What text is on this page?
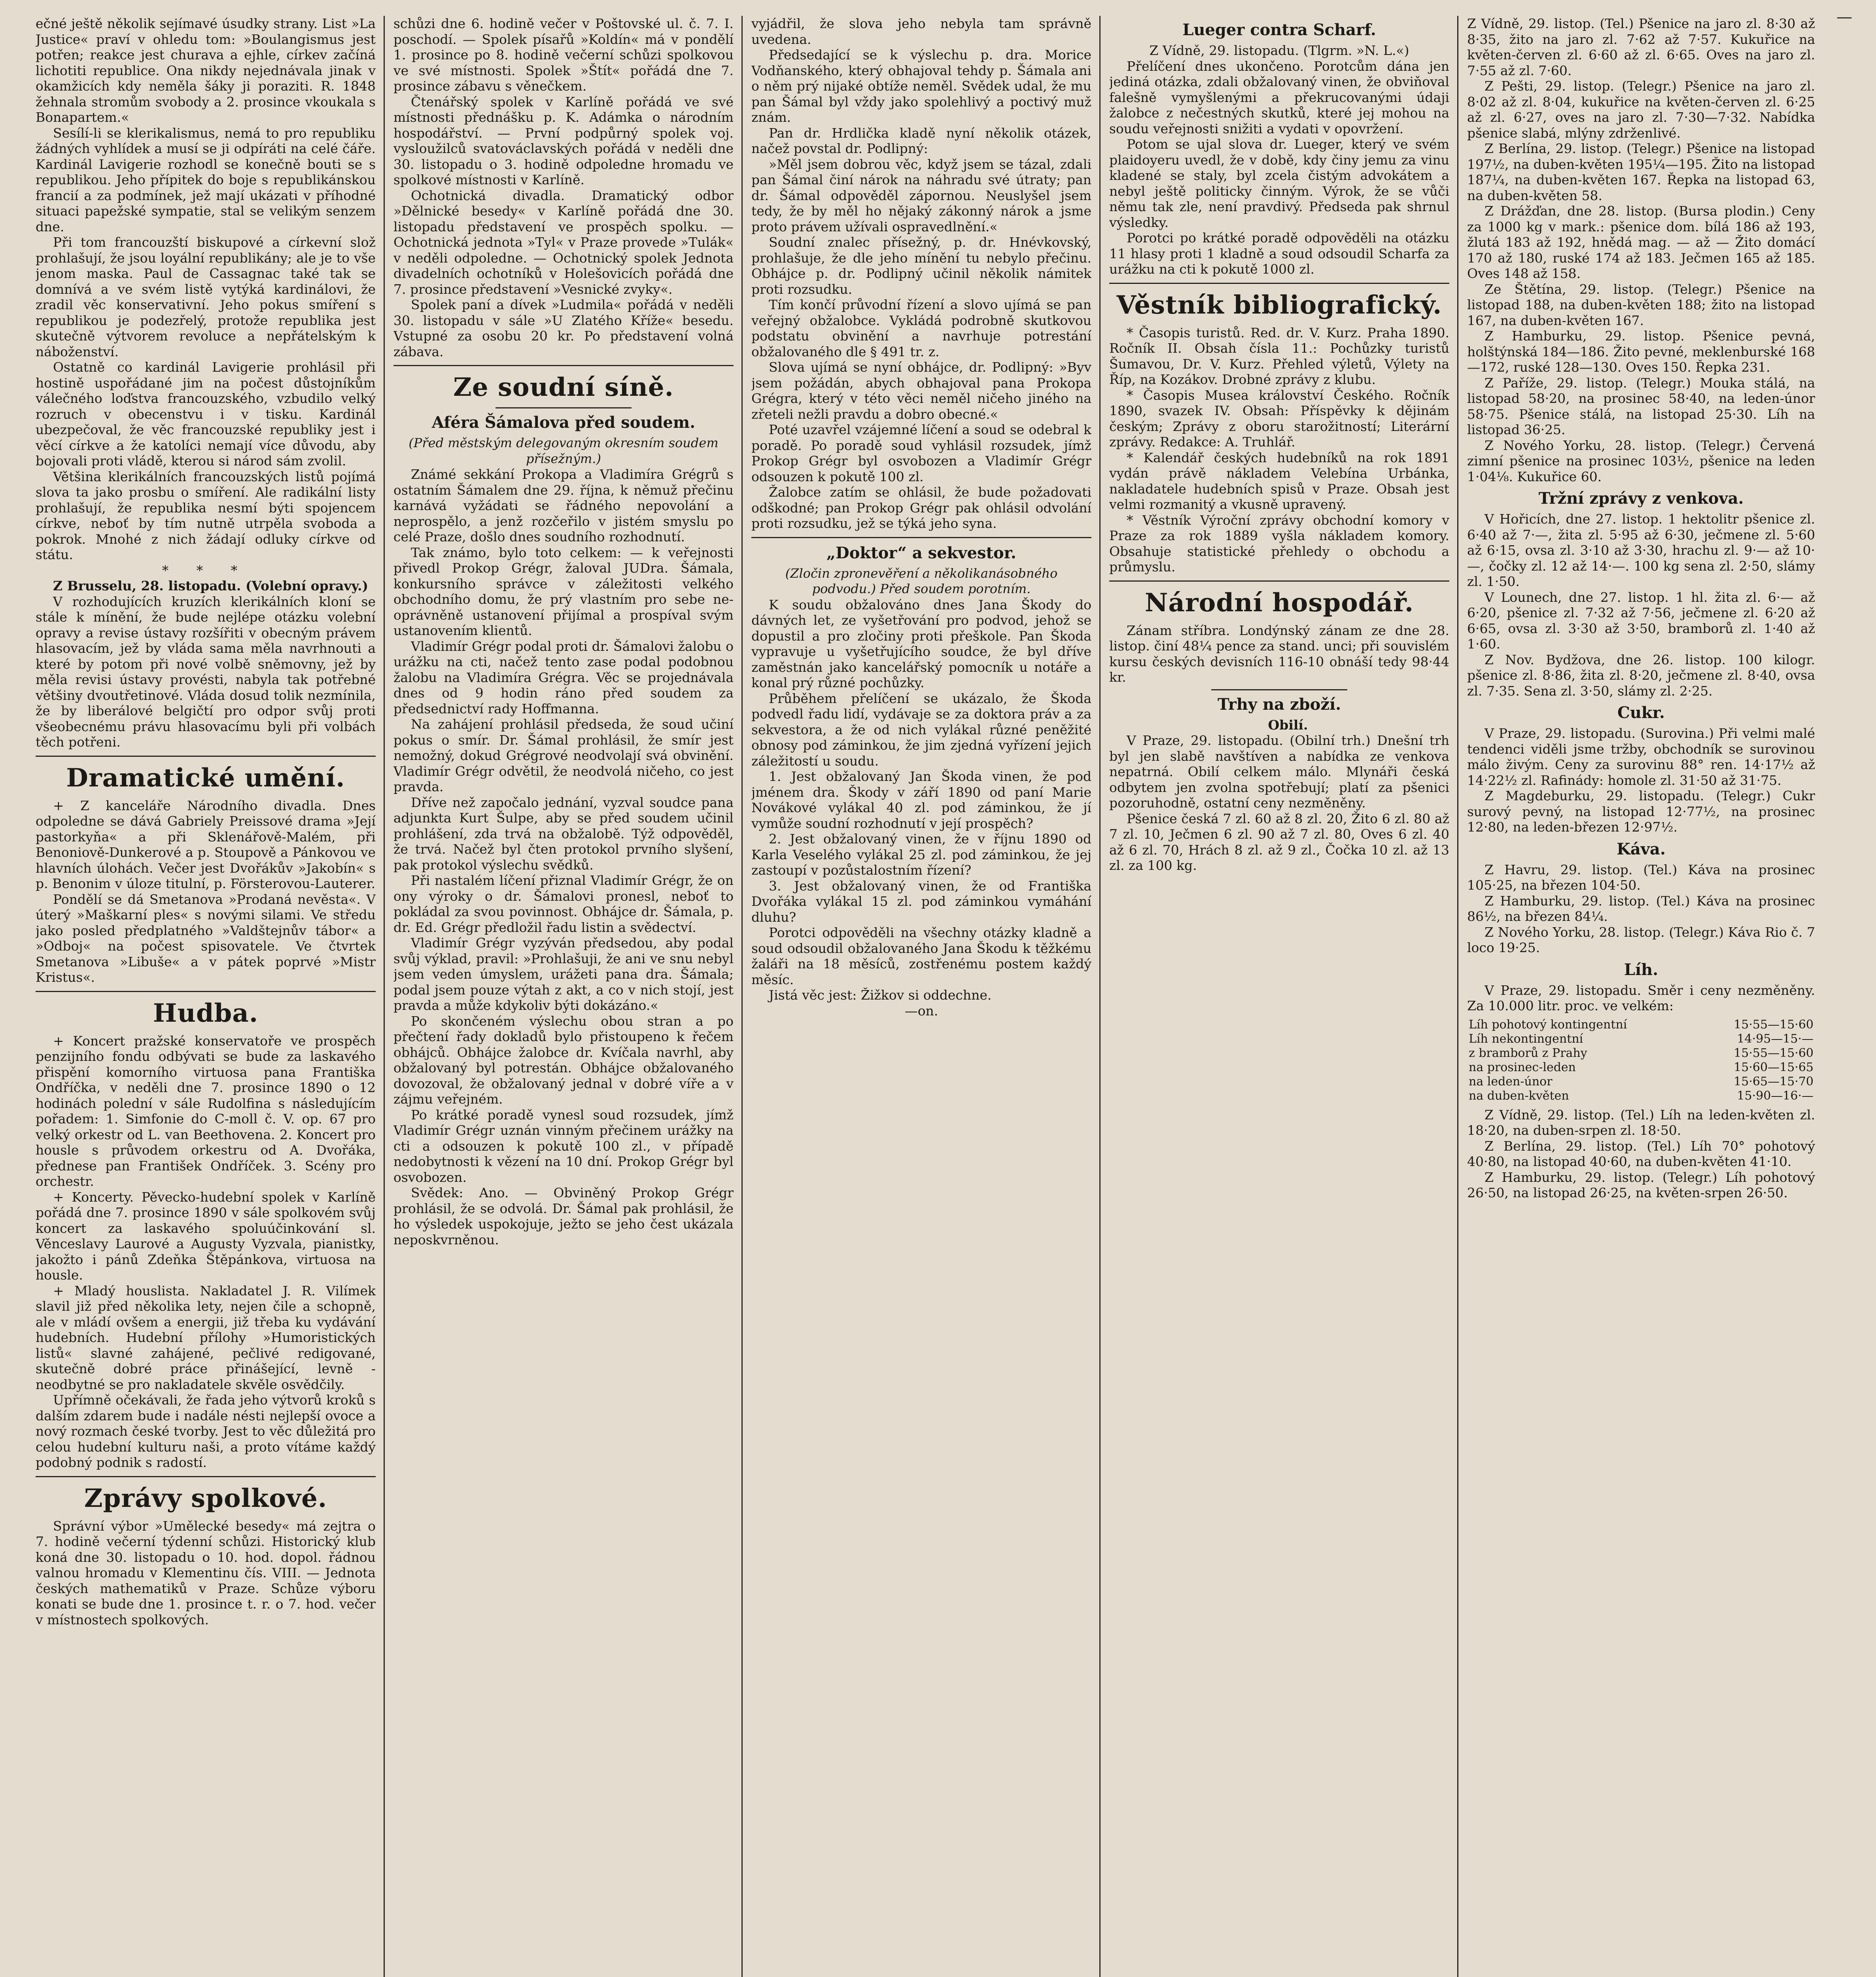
—

ečné ještě několik sejímavé úsudky strany. List »La Justice« praví v ohledu tom: »Boulangismus jest potřen; reakce jest churava a ejhle, církev začíná lichotiti republice. Ona nikdy nejednávala jinak v okamžicích kdy neměla šáky ji poraziti. R. 1848 žehnala stromům svobody a 2. prosince vkoukala s Bonapartem.«

Sesílí-li se klerikalismus, nemá to pro republiku žádných vyhlídek a musí se ji odpíráti na celé čáře. Kardinál Lavigerie rozhodl se konečně bouti se s republikou. Jeho přípitek do boje s republikánskou francií a za podmínek, jež mají ukázati v příhodné situaci papežské sympatie, stal se velikým senzem dne.

Při tom francouzští biskupové a církevní slož prohlašují, že jsou loyální republikány; ale je to vše jenom maska. Paul de Cassagnac také tak se domnívá a ve svém listě vytýká kardinálovi, že zradil věc konservativní. Jeho pokus smíření s republikou je podezřelý, protože republika jest skutečně výtvorem revoluce a nepřátelským k náboženství.

Ostatně co kardinál Lavigerie prohlásil při hostině uspořádané jim na počest důstojníkům válečného loďstva francouzského, vzbudilo velký rozruch v obecenstvu i v tisku. Kardinál ubezpečoval, že věc francouzské republiky jest i věcí církve a že katolíci nemají více důvodu, aby bojovali proti vládě, kterou si národ sám zvolil.

Většina klerikálních francouzských listů pojímá slova ta jako prosbu o smíření. Ale radikální listy prohlašují, že republika nesmí býti spojencem církve, neboť by tím nutně utrpěla svoboda a pokrok. Mnohé z nich žádají odluky církve od státu.

* * *

Z Brusselu, 28. listopadu. (Volební opravy.)

V rozhodujících kruzích klerikálních kloní se stále k mínění, že bude nejlépe otázku volební opravy a revise ústavy rozšířiti v obecným právem hlasovacím, jež by vláda sama měla navrhnouti a které by potom při nové volbě sněmovny, jež by měla revisi ústavy provésti, nabyla tak potřebné většiny dvoutřetinové. Vláda dosud tolik nezmínila, že by liberálové belgičtí pro odpor svůj proti všeobecnému právu hlasovacímu byli při volbách těch potřeni.

Dramatické umění.

+ Z kanceláře Národního divadla. Dnes odpoledne se dává Gabriely Preissové drama »Její pastorkyňa« a při Sklenářově-Malém, při Benoniově-Dunkerové a p. Stoupově a Pánkovou ve hlavních úlohách. Večer jest Dvořákův »Jakobín« s p. Benonim v úloze titulní, p. Försterovou-Lauterer.

Pondělí se dá Smetanova »Prodaná nevěsta«. V úterý »Maškarní ples« s novými silami. Ve středu jako posled předplatného »Valdštejnův tábor« a »Odboj« na počest spisovatele. Ve čtvrtek Smetanova »Libuše« a v pátek poprvé »Mistr Kristus«.

Hudba.

+ Koncert pražské konservatoře ve prospěch penzijního fondu odbývati se bude za laskavého přispění komorního virtuosa pana Františka Ondříčka, v neděli dne 7. prosince 1890 o 12 hodinách polední v sále Rudolfina s následujícím pořadem: 1. Simfonie do C-moll č. V. op. 67 pro velký orkestr od L. van Beethovena. 2. Koncert pro housle s průvodem orkestru od A. Dvořáka, přednese pan František Ondříček. 3. Scény pro orchestr.

+ Koncerty. Pěvecko-hudební spolek v Karlíně pořádá dne 7. prosince 1890 v sále spolkovém svůj koncert za laskavého spoluúčinkování sl. Věnceslavy Laurové a Augusty Vyzvala, pianistky, jakožto i pánů Zdeňka Štěpánkova, virtuosa na housle.

+ Mladý houslista. Nakladatel J. R. Vilímek slavil již před několika lety, nejen čile a schopně, ale v mládí ovšem a energii, již třeba ku vydávání hudebních. Hudební přílohy »Humoristických listů« slavné zahájené, pečlivé redigované, skutečně dobré práce přinášející, levně - neodbytné se pro nakladatele skvěle osvědčily.

Upřímně očekávali, že řada jeho výtvorů kroků s dalším zdarem bude i nadále nésti nejlepší ovoce a nový rozmach české tvorby. Jest to věc důležitá pro celou hudební kulturu naši, a proto vítáme každý podobný podnik s radostí.

Zprávy spolkové.

Správní výbor »Umělecké besedy« má zejtra o 7. hodině večerní týdenní schůzi. Historický klub koná dne 30. listopadu o 10. hod. dopol. řádnou valnou hromadu v Klementinu čís. VIII. — Jednota českých mathematiků v Praze. Schůze výboru konati se bude dne 1. prosince t. r. o 7. hod. večer v místnostech spolkových.

schůzi dne 6. hodině večer v Poštovské ul. č. 7. I. poschodí. — Spolek písařů »Koldín« má v pondělí 1. prosince po 8. hodině večerní schůzi spolkovou ve své místnosti. Spolek »Štít« pořádá dne 7. prosince zábavu s věnečkem.

Čtenářský spolek v Karlíně pořádá ve své místnosti přednášku p. K. Adámka o národním hospodářství. — První podpůrný spolek voj. vysloužilců svatováclavských pořádá v neděli dne 30. listopadu o 3. hodině odpoledne hromadu ve spolkové místnosti v Karlíně.

Ochotnická divadla. Dramatický odbor »Dělnické besedy« v Karlíně pořádá dne 30. listopadu představení ve prospěch spolku. — Ochotnická jednota »Tyl« v Praze provede »Tulák« v neděli odpoledne. — Ochotnický spolek Jednota divadelních ochotníků v Holešovicích pořádá dne 7. prosince představení »Vesnické zvyky«.

Spolek paní a dívek »Ludmila« pořádá v neděli 30. listopadu v sále »U Zlatého Kříže« besedu. Vstupné za osobu 20 kr. Po představení volná zábava.

Ze soudní síně.
Aféra Šámalova před soudem.
(Před městským delegovaným okresním soudem přísežným.)

Známé sekkání Prokopa a Vladimíra Grégrů s ostatním Šámalem dne 29. října, k němuž přečinu karnává vyžádati se řádného nepovolání a neprospělo, a jenž rozčeřilo v jistém smyslu po celé Praze, došlo dnes soudního rozhodnutí.

Tak známo, bylo toto celkem: — k veřejnosti přivedl Prokop Grégr, žaloval JUDra. Šámala, konkursního správce v záležitosti velkého obchodního domu, že prý vlastním pro sebe neoprávněně ustanovení přijímal a prospíval svým ustanovením klientů.

Vladimír Grégr podal proti dr. Šámalovi žalobu o urážku na cti, načež tento zase podal podobnou žalobu na Vladimíra Grégra. Věc se projednávala dnes od 9 hodin ráno před soudem za předsednictví rady Hoffmanna.

Na zahájení prohlásil předseda, že soud učiní pokus o smír. Dr. Šámal prohlásil, že smír jest nemožný, dokud Grégrové neodvolají svá obvinění. Vladimír Grégr odvětil, že neodvolá ničeho, co jest pravda.

Dříve než započalo jednání, vyzval soudce pana adjunkta Kurt Šulpe, aby se před soudem učinil prohlášení, zda trvá na obžalobě. Týž odpověděl, že trvá. Načež byl čten protokol prvního slyšení, pak protokol výslechu svědků.

Při nastalém líčení přiznal Vladimír Grégr, že on ony výroky o dr. Šámalovi pronesl, neboť to pokládal za svou povinnost. Obhájce dr. Šámala, p. dr. Ed. Grégr předložil řadu listin a svědectví.

Vladimír Grégr vyzýván předsedou, aby podal svůj výklad, pravil: »Prohlašuji, že ani ve snu nebyl jsem veden úmyslem, urážeti pana dra. Šámala; podal jsem pouze výtah z akt, a co v nich stojí, jest pravda a může kdykoliv býti dokázáno.«

Po skončeném výslechu obou stran a po přečtení řady dokladů bylo přistoupeno k řečem obhájců. Obhájce žalobce dr. Kvíčala navrhl, aby obžalovaný byl potrestán. Obhájce obžalovaného dovozoval, že obžalovaný jednal v dobré víře a v zájmu veřejném.

Po krátké poradě vynesl soud rozsudek, jímž Vladimír Grégr uznán vinným přečinem urážky na cti a odsouzen k pokutě 100 zl., v případě nedobytnosti k vězení na 10 dní. Prokop Grégr byl osvobozen.

Svědek: Ano. — Obviněný Prokop Grégr prohlásil, že se odvolá. Dr. Šámal pak prohlásil, že ho výsledek uspokojuje, ježto se jeho čest ukázala neposkvrněnou.

vyjádřil, že slova jeho nebyla tam správně uvedena.

Předsedající se k výslechu p. dra. Morice Vodňanského, který obhajoval tehdy p. Šámala ani o něm prý nijaké obtíže neměl. Svědek udal, že mu pan Šámal byl vždy jako spolehlivý a poctivý muž znám.

Pan dr. Hrdlička kladě nyní několik otázek, načež povstal dr. Podlipný:

»Měl jsem dobrou věc, když jsem se tázal, zdali pan Šámal činí nárok na náhradu své útraty; pan dr. Šámal odpověděl zápornou. Neuslyšel jsem tedy, že by měl ho nějaký zákonný nárok a jsme proto právem užívali ospravedlnění.«

Soudní znalec přísežný, p. dr. Hnévkovský, prohlašuje, že dle jeho mínění tu nebylo přečinu. Obhájce p. dr. Podlipný učinil několik námitek proti rozsudku.

Tím končí průvodní řízení a slovo ujímá se pan veřejný obžalobce. Vykládá podrobně skutkovou podstatu obvinění a navrhuje potrestání obžalovaného dle § 491 tr. z.

Slova ujímá se nyní obhájce, dr. Podlipný: »Byv jsem požádán, abych obhajoval pana Prokopa Grégra, který v této věci neměl ničeho jiného na zřeteli nežli pravdu a dobro obecné.«

Poté uzavřel vzájemné líčení a soud se odebral k poradě. Po poradě soud vyhlásil rozsudek, jímž Prokop Grégr byl osvobozen a Vladimír Grégr odsouzen k pokutě 100 zl.

Žalobce zatím se ohlásil, že bude požadovati odškodné; pan Prokop Grégr pak ohlásil odvolání proti rozsudku, jež se týká jeho syna.

„Doktor“ a sekvestor.
(Zločin zpronevěření a několikanásobného podvodu.) Před soudem porotním.

K soudu obžalováno dnes Jana Škody do dávných let, ze vyšetřování pro podvod, jehož se dopustil a pro zločiny proti přeškole. Pan Škoda vypravuje u vyšetřujícího soudce, že byl dříve zaměstnán jako kancelářský pomocník u notáře a konal prý různé pochůzky.

Průběhem přelíčení se ukázalo, že Škoda podvedl řadu lidí, vydávaje se za doktora práv a za sekvestora, a že od nich vylákal různé peněžité obnosy pod záminkou, že jim zjedná vyřízení jejich záležitostí u soudu.

1. Jest obžalovaný Jan Škoda vinen, že pod jménem dra. Škody v září 1890 od paní Marie Novákové vylákal 40 zl. pod záminkou, že jí vymůže soudní rozhodnutí v její prospěch?

2. Jest obžalovaný vinen, že v říjnu 1890 od Karla Veselého vylákal 25 zl. pod záminkou, že jej zastoupí v pozůstalostním řízení?

3. Jest obžalovaný vinen, že od Františka Dvořáka vylákal 15 zl. pod záminkou vymáhání dluhu?

Porotci odpověděli na všechny otázky kladně a soud odsoudil obžalovaného Jana Škodu k těžkému žaláři na 18 měsíců, zostřenému postem každý měsíc.

Jistá věc jest: Žižkov si oddechne.

—on.

Lueger contra Scharf.

Z Vídně, 29. listopadu. (Tlgrm. »N. L.«)

Přelíčení dnes ukončeno. Porotcům dána jen jediná otázka, zdali obžalovaný vinen, že obviňoval falešně vymyšlenými a překrucovanými údaji žalobce z nečestných skutků, které jej mohou na soudu veřejnosti snižiti a vydati v opovržení.

Potom se ujal slova dr. Lueger, který ve svém plaidoyeru uvedl, že v době, kdy činy jemu za vinu kladené se staly, byl zcela čistým advokátem a nebyl ještě politicky činným. Výrok, že se vůči němu tak zle, není pravdivý. Předseda pak shrnul výsledky.

Porotci po krátké poradě odpověděli na otázku 11 hlasy proti 1 kladně a soud odsoudil Scharfa za urážku na cti k pokutě 1000 zl.

Věstník bibliografický.

* Časopis turistů. Red. dr. V. Kurz. Praha 1890. Ročník II. Obsah čísla 11.: Pochůzky turistů Šumavou, Dr. V. Kurz. Přehled výletů, Výlety na Říp, na Kozákov. Drobné zprávy z klubu.

* Časopis Musea království Českého. Ročník 1890, svazek IV. Obsah: Příspěvky k dějinám českým; Zprávy z oboru starožitností; Literární zprávy. Redakce: A. Truhlář.

* Kalendář českých hudebníků na rok 1891 vydán právě nákladem Velebína Urbánka, nakladatele hudebních spisů v Praze. Obsah jest velmi rozmanitý a vkusně upravený.

* Věstník Výroční zprávy obchodní komory v Praze za rok 1889 vyšla nákladem komory. Obsahuje statistické přehledy o obchodu a průmyslu.

Národní hospodář.

Zánam stříbra. Londýnský zánam ze dne 28. listop. činí 48¼ pence za stand. unci; při souvislém kursu českých devisních 116-10 obnáší tedy 98·44 kr.

Trhy na zboží.

Obilí.

V Praze, 29. listopadu. (Obilní trh.) Dnešní trh byl jen slabě navštíven a nabídka ze venkova nepatrná. Obilí celkem málo. Mlynáři česká odbytem jen zvolna spotřebují; platí za pšenici pozoruhodně, ostatní ceny nezměněny.

Pšenice česká 7 zl. 60 až 8 zl. 20, Žito 6 zl. 80 až 7 zl. 10, Ječmen 6 zl. 90 až 7 zl. 80, Oves 6 zl. 40 až 6 zl. 70, Hrách 8 zl. až 9 zl., Čočka 10 zl. až 13 zl. za 100 kg.

Z Vídně, 29. listop. (Tel.) Pšenice na jaro zl. 8·30 až 8·35, žito na jaro zl. 7·62 až 7·57. Kukuřice na květen-červen zl. 6·60 až zl. 6·65. Oves na jaro zl. 7·55 až zl. 7·60.

Z Pešti, 29. listop. (Telegr.) Pšenice na jaro zl. 8·02 až zl. 8·04, kukuřice na květen-červen zl. 6·25 až zl. 6·27, oves na jaro zl. 7·30—7·32. Nabídka pšenice slabá, mlýny zdrženlivé.

Z Berlína, 29. listop. (Telegr.) Pšenice na listopad 197½, na duben-květen 195¼—195. Žito na listopad 187¼, na duben-květen 167. Řepka na listopad 63, na duben-květen 58.

Z Drážďan, dne 28. listop. (Bursa plodin.) Ceny za 1000 kg v mark.: pšenice dom. bílá 186 až 193, žlutá 183 až 192, hnědá mag. — až — Žito domácí 170 až 180, ruské 174 až 183. Ječmen 165 až 185. Oves 148 až 158.

Ze Štětína, 29. listop. (Telegr.) Pšenice na listopad 188, na duben-květen 188; žito na listopad 167, na duben-květen 167.

Z Hamburku, 29. listop. Pšenice pevná, holštýnská 184—186. Žito pevné, meklenburské 168—172, ruské 128—130. Oves 150. Řepka 231.

Z Paříže, 29. listop. (Telegr.) Mouka stálá, na listopad 58·20, na prosinec 58·40, na leden-únor 58·75. Pšenice stálá, na listopad 25·30. Líh na listopad 36·25.

Z Nového Yorku, 28. listop. (Telegr.) Červená zimní pšenice na prosinec 103½, pšenice na leden 1·04⅛. Kukuřice 60.

Tržní zprávy z venkova.

V Hořicích, dne 27. listop. 1 hektolitr pšenice zl. 6·40 až 7·—, žita zl. 5·95 až 6·30, ječmene zl. 5·60 až 6·15, ovsa zl. 3·10 až 3·30, hrachu zl. 9·— až 10·—, čočky zl. 12 až 14·—. 100 kg sena zl. 2·50, slámy zl. 1·50.

V Lounech, dne 27. listop. 1 hl. žita zl. 6·— až 6·20, pšenice zl. 7·32 až 7·56, ječmene zl. 6·20 až 6·65, ovsa zl. 3·30 až 3·50, bramborů zl. 1·40 až 1·60.

Z Nov. Bydžova, dne 26. listop. 100 kilogr. pšenice zl. 8·86, žita zl. 8·20, ječmene zl. 8·40, ovsa zl. 7·35. Sena zl. 3·50, slámy zl. 2·25.

Cukr.

V Praze, 29. listopadu. (Surovina.) Při velmi malé tendenci viděli jsme tržby, obchodník se surovinou málo živým. Ceny za surovinu 88° ren. 14·17½ až 14·22½ zl. Rafinády: homole zl. 31·50 až 31·75.

Z Magdeburku, 29. listopadu. (Telegr.) Cukr surový pevný, na listopad 12·77½, na prosinec 12·80, na leden-březen 12·97½.

Káva.

Z Havru, 29. listop. (Tel.) Káva na prosinec 105·25, na březen 104·50.

Z Hamburku, 29. listop. (Tel.) Káva na prosinec 86½, na březen 84¼.

Z Nového Yorku, 28. listop. (Telegr.) Káva Rio č. 7 loco 19·25.

Líh.

V Praze, 29. listopadu. Směr i ceny nezměněny. Za 10.000 litr. proc. ve velkém:

Líh pohotový kontingentní	15·55—15·60
Líh nekontingentní	14·95—15·—
z bramborů z Prahy	15·55—15·60
na prosinec-leden	15·60—15·65
na leden-únor	15·65—15·70
na duben-květen	15·90—16·—

Z Vídně, 29. listop. (Tel.) Líh na leden-květen zl. 18·20, na duben-srpen zl. 18·50.

Z Berlína, 29. listop. (Tel.) Líh 70° pohotový 40·80, na listopad 40·60, na duben-květen 41·10.

Z Hamburku, 29. listop. (Telegr.) Líh pohotový 26·50, na listopad 26·25, na květen-srpen 26·50.
